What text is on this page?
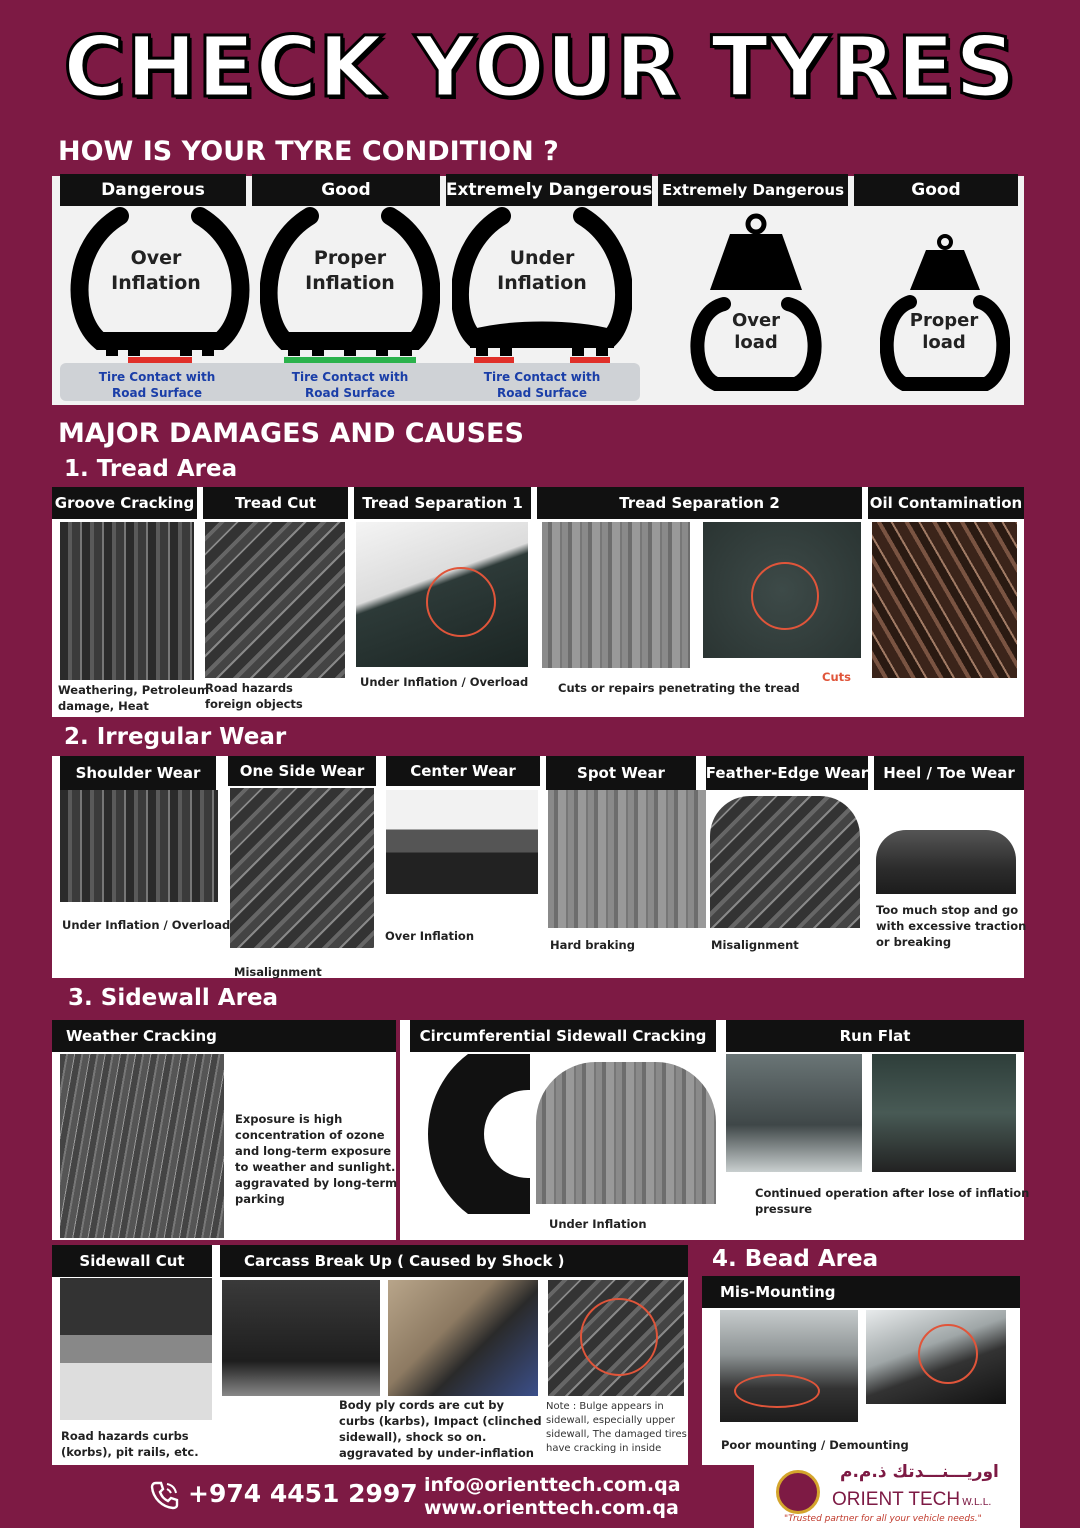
CHECK YOUR TYRES
HOW IS YOUR TYRE CONDITION ?
Dangerous	Good	Extremely Dangerous Extremely Dangerous	Good
Over
Inflation
Tire Contact with
Road Surface
Proper
Inflation
Tire Contact with
Road Surface
Under
Inflation
Tire Contact with
Road Surface
Over
load
Proper
load
MAJOR DAMAGES AND CAUSES
1. Tread Area
Groove Cracking	Tread Cut	Tread Separation 1	Tread Separation 2	Oil Contamination
Weathering, Petroleum
damage, Heat
Road hazards
foreign objects
Under Inflation / Overload	Cuts or repairs penetrating the tread
Cuts
2. Irregular Wear
Shoulder Wear	One Side Wear	Center Wear	Spot Wear	Feather-Edge Wear Heel / Toe Wear
Under Inflation / Overload
Misalignment
Over Inflation
Hard braking	Misalignment
Too much stop and go
with excessive traction
or breaking
3. Sidewall Area
Weather Cracking
Exposure is high
concentration of ozone
and long-term exposure
to weather and sunlight.
aggravated by long-term
parking
Circumferential Sidewall Cracking	Run Flat
Under Inflation
Continued operation after lose of inflation
pressure
Sidewall Cut	Carcass Break Up ( Caused by Shock )
Road hazards curbs
(korbs), pit rails, etc.
Body ply cords are cut by
curbs (karbs), Impact (clinched
sidewall), shock so on.
aggravated by under-inflation
Note : Bulge appears in
sidewall, especially upper
sidewall, The damaged tires
have cracking in inside
4. Bead Area
Mis-Mounting
Poor mounting / Demounting
+974 4451 2997 info@orienttech.com.qa
www.orienttech.com.qa
اوريـــنـــدتك ذ.م.م
ORIENT TECH W.L.L.
"Trusted partner for all your vehicle needs."
